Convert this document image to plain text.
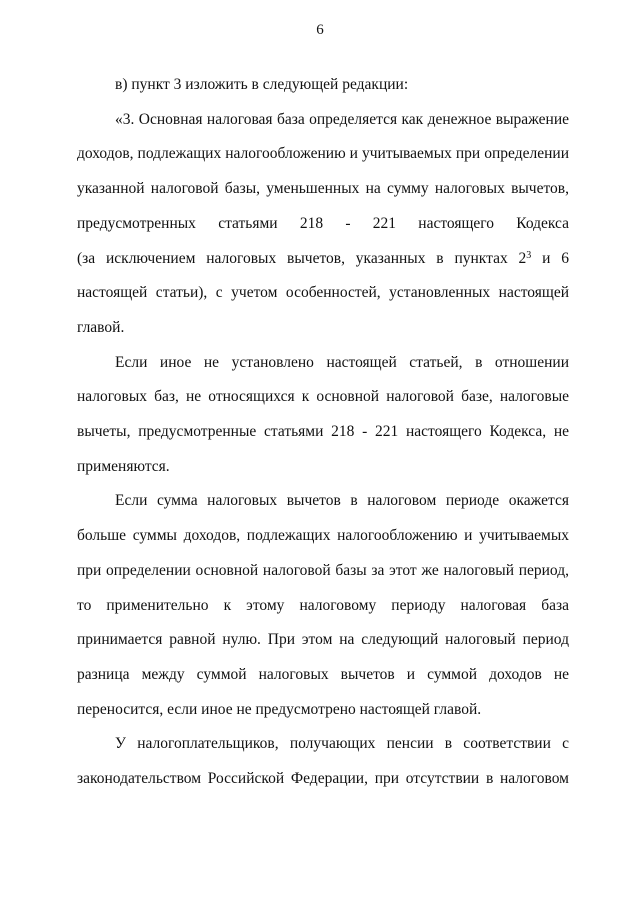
6
в) пункт 3 изложить в следующей редакции:
«3. Основная налоговая база определяется как денежное выражение
доходов, подлежащих налогообложению и учитываемых при определении
указанной налоговой базы, уменьшенных на сумму налоговых вычетов,
предусмотренных статьями 218 - 221 настоящего Кодекса
(за исключением налоговых вычетов, указанных в пунктах $2^3$ и 6
настоящей статьи), с учетом особенностей, установленных настоящей
главой.
Если иное не установлено настоящей статьей, в отношении
налоговых баз, не относящихся к основной налоговой базе, налоговые
вычеты, предусмотренные статьями 218 - 221 настоящего Кодекса, не
применяются.
Если сумма налоговых вычетов в налоговом периоде окажется
больше суммы доходов, подлежащих налогообложению и учитываемых
при определении основной налоговой базы за этот же налоговый период,
то применительно к этому налоговому периоду налоговая база
принимается равной нулю. При этом на следующий налоговый период
разница между суммой налоговых вычетов и суммой доходов не
переносится, если иное не предусмотрено настоящей главой.
У налогоплательщиков, получающих пенсии в соответствии с
законодательством Российской Федерации, при отсутствии в налоговом
